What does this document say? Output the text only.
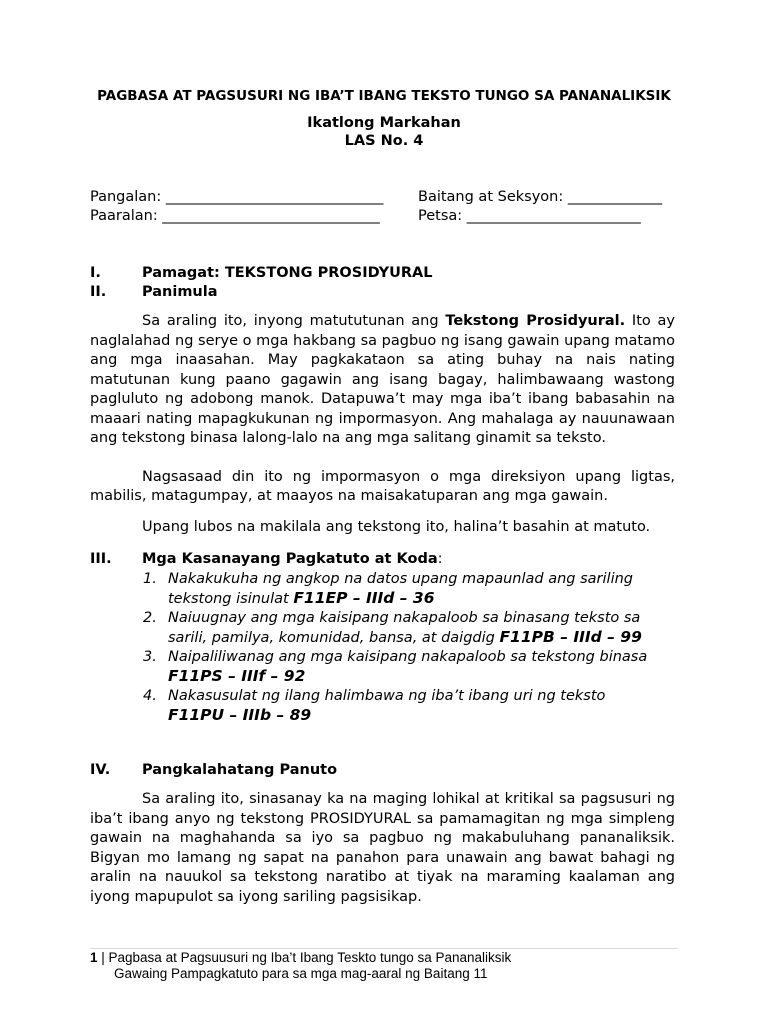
PAGBASA AT PAGSUSURI NG IBA’T IBANG TEKSTO TUNGO SA PANANALIKSIK
Ikatlong Markahan
LAS No. 4
Pangalan: ______________________________ Baitang at Seksyon: _____________
Paaralan: ______________________________	Petsa: ________________________
I.	Pamagat: TEKSTONG PROSIDYURAL
II. Panimula

Sa araling ito, inyong matututunan ang Tekstong Prosidyural. Ito ay naglalahad ng serye o mga hakbang sa pagbuo ng isang gawain upang matamo ang mga inaasahan. May pagkakataon sa ating buhay na nais nating matutunan kung paano gagawin ang isang bagay, halimbawaang wastong pagluluto ng adobong manok. Datapuwa’t may mga iba’t ibang babasahin na maaari nating mapagkukunan ng impormasyon. Ang mahalaga ay nauunawaan ang tekstong binasa lalong-lalo na ang mga salitang ginamit sa teksto.

Nagsasaad din ito ng impormasyon o mga direksiyon upang ligtas, mabilis, matagumpay, at maayos na maisakatuparan ang mga gawain.

Upang lubos na makilala ang tekstong ito, halina’t basahin at matuto.

III. Mga Kasanayang Pagkatuto at Koda:
1. Nakakukuha ng angkop na datos upang mapaunlad ang sariling tekstong isinulat F11EP – IIId – 36
2. Naiuugnay ang mga kaisipang nakapaloob sa binasang teksto sa sarili, pamilya, komunidad, bansa, at daigdig F11PB – IIId – 99
3. Naipaliliwanag ang mga kaisipang nakapaloob sa tekstong binasa
F11PS – IIIf – 92
4. Nakasusulat ng ilang halimbawa ng iba’t ibang uri ng teksto
F11PU – IIIb – 89
IV. Pangkalahatang Panuto

Sa araling ito, sinasanay ka na maging lohikal at kritikal sa pagsusuri ng iba’t ibang anyo ng tekstong PROSIDYURAL sa pamamagitan ng mga simpleng gawain na maghahanda sa iyo sa pagbuo ng makabuluhang pananaliksik. Bigyan mo lamang ng sapat na panahon para unawain ang bawat bahagi ng aralin na nauukol sa tekstong naratibo at tiyak na maraming kaalaman ang iyong mapupulot sa iyong sariling pagsisikap.

1 | Pagbasa at Pagsuusuri ng Iba’t Ibang Teskto tungo sa Pananaliksik
Gawaing Pampagkatuto para sa mga mag-aaral ng Baitang 11
